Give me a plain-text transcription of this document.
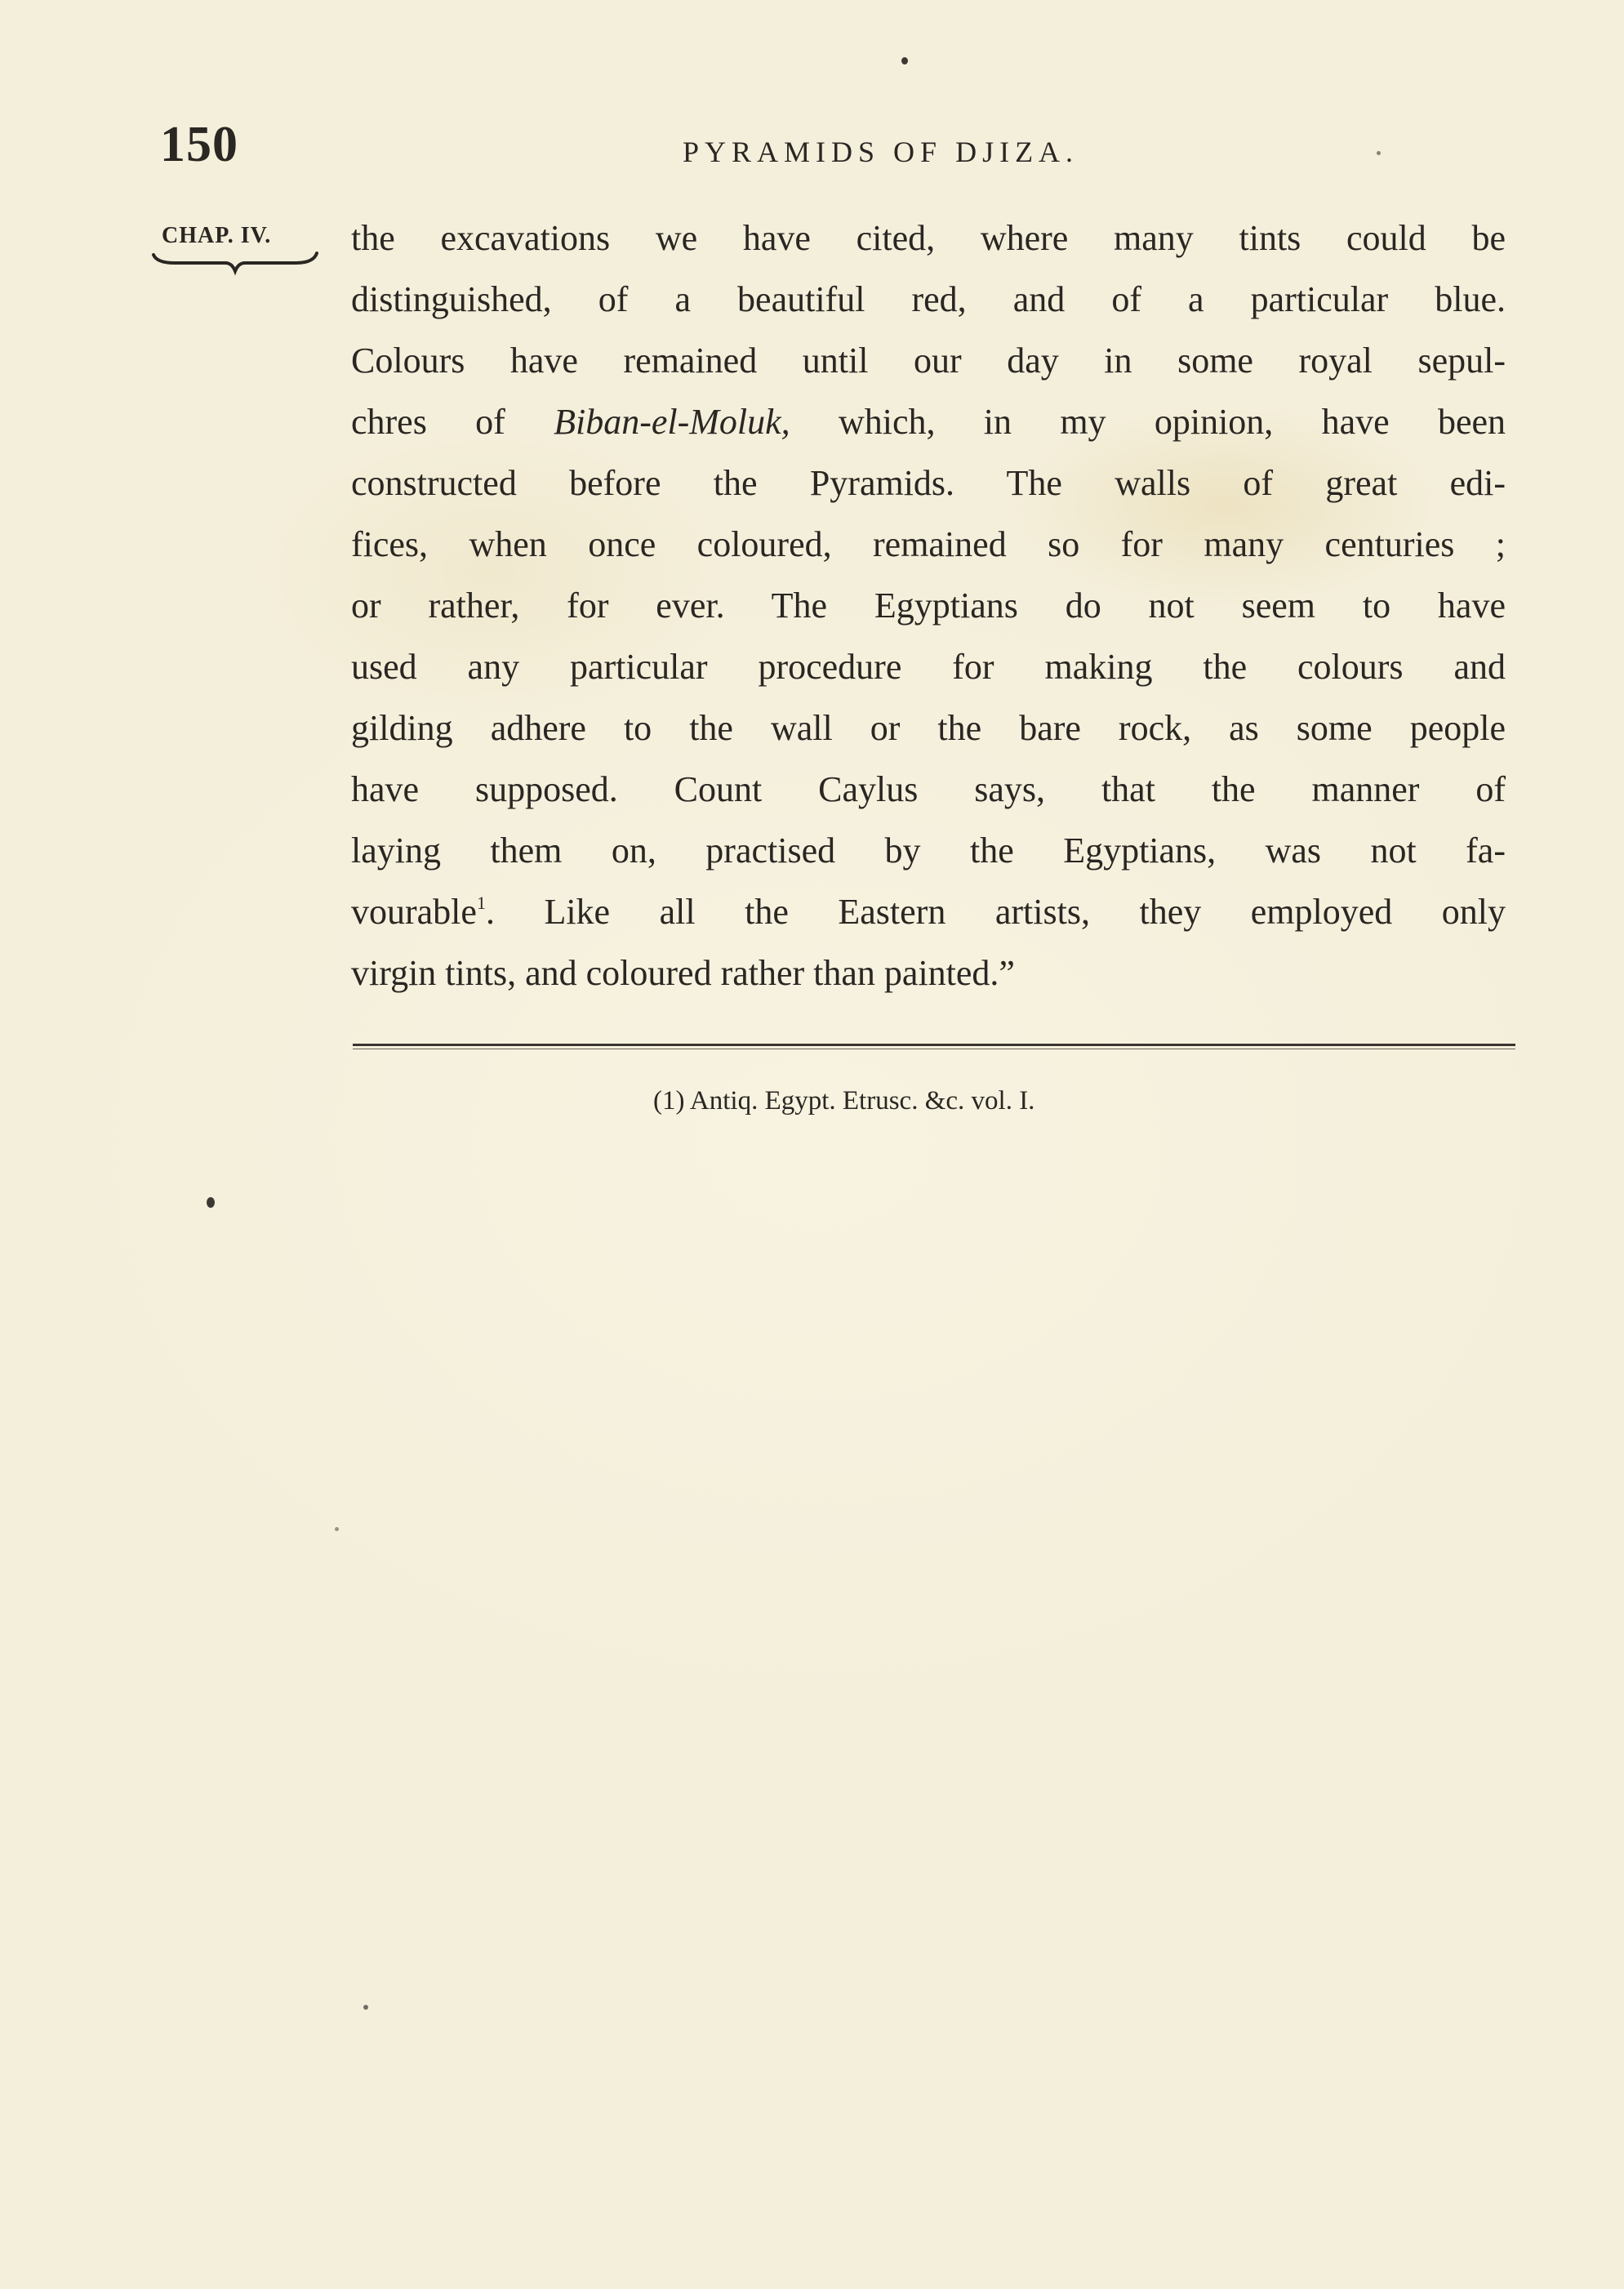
150	PYRAMIDS OF DJIZA.
CHAP. IV. the excavations we have cited, where many tints could be
distinguished, of a beautiful red, and of a particular blue.
Colours have remained until our day in some royal sepul-
chres of Biban-el-Moluk, which, in my opinion, have been
constructed before the Pyramids. The walls of great edi-
fices, when once coloured, remained so for many centuries ;
or rather, for ever. The Egyptians do not seem to have
used any particular procedure for making the colours and
gilding adhere to the wall or the bare rock, as some people
have supposed. Count Caylus says, that the manner of
laying them on, practised by the Egyptians, was not fa-
vourable$^1$. Like all the Eastern artists, they employed only
virgin tints, and coloured rather than painted.”
(1) Antiq. Egypt. Etrusc. &c. vol. I.
